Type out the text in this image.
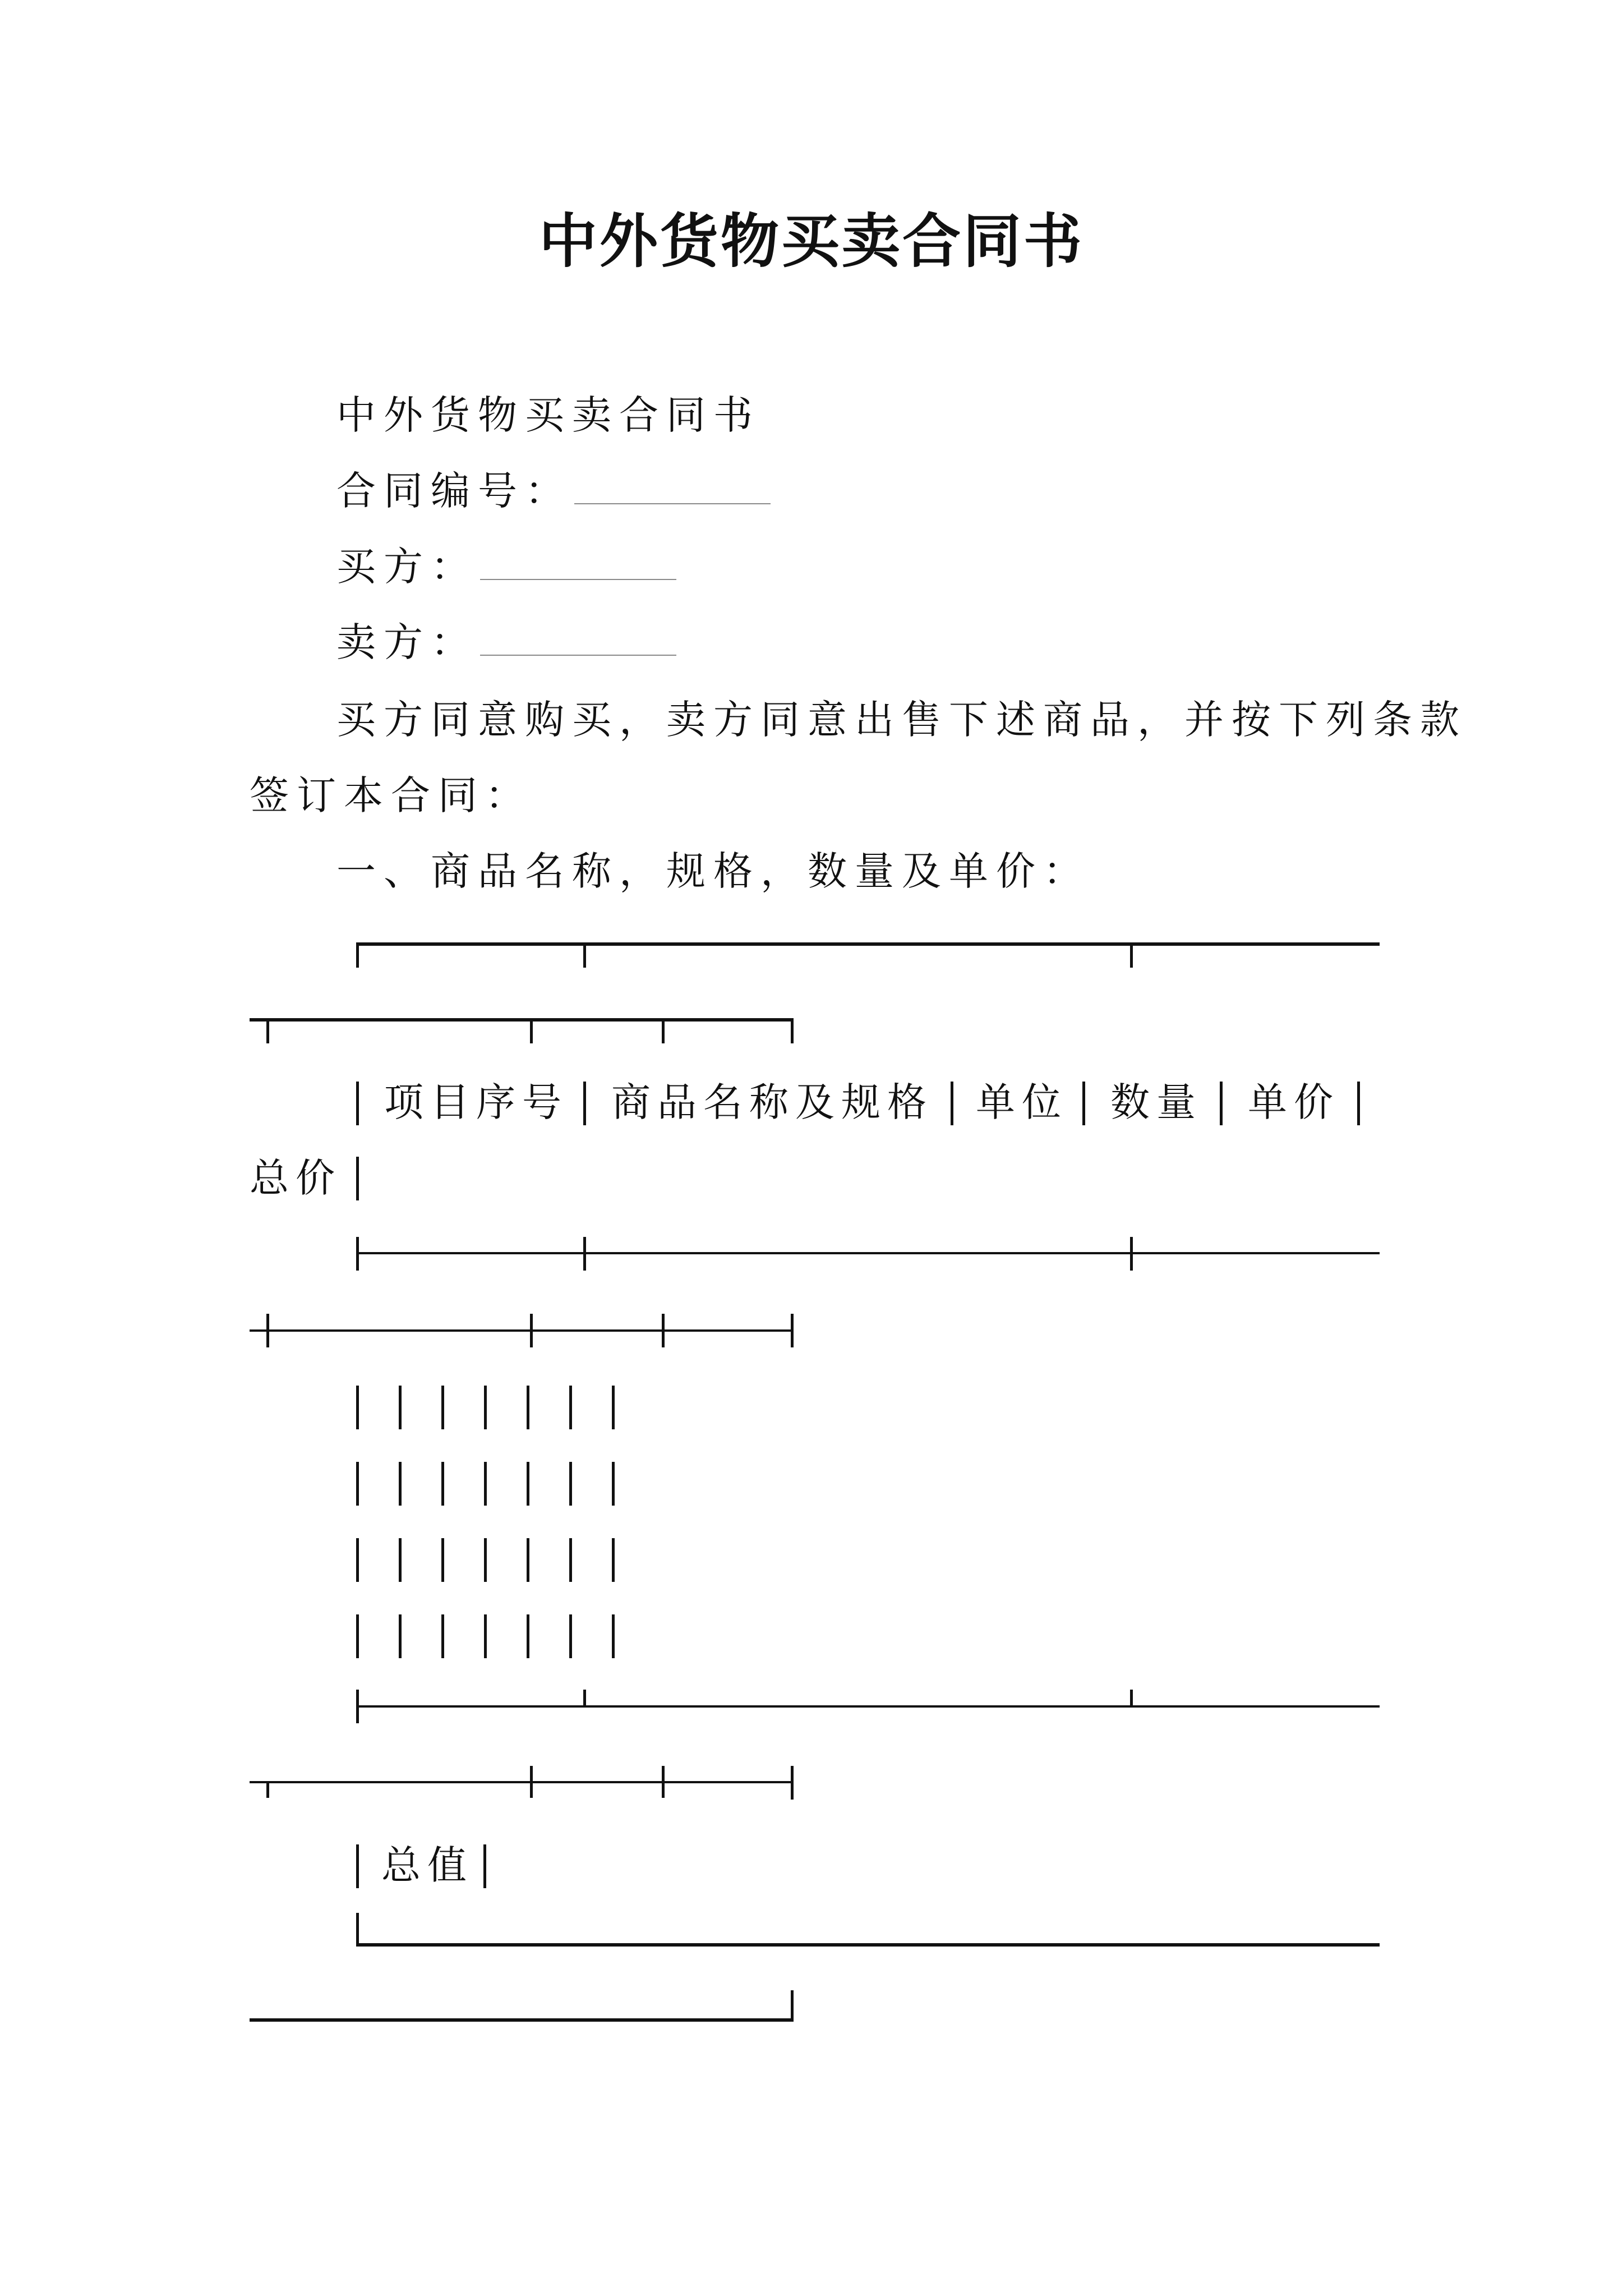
中外货物买卖合同书
中外货物买卖合同书
合同编号：
买方：
卖方：
买方同意购买，卖方同意出售下述商品，并按下列条款
签订本合同：
一、商品名称，规格，数量及单价：
项目序号 商品名称及规格 单位 数量 单价
总价
总值
